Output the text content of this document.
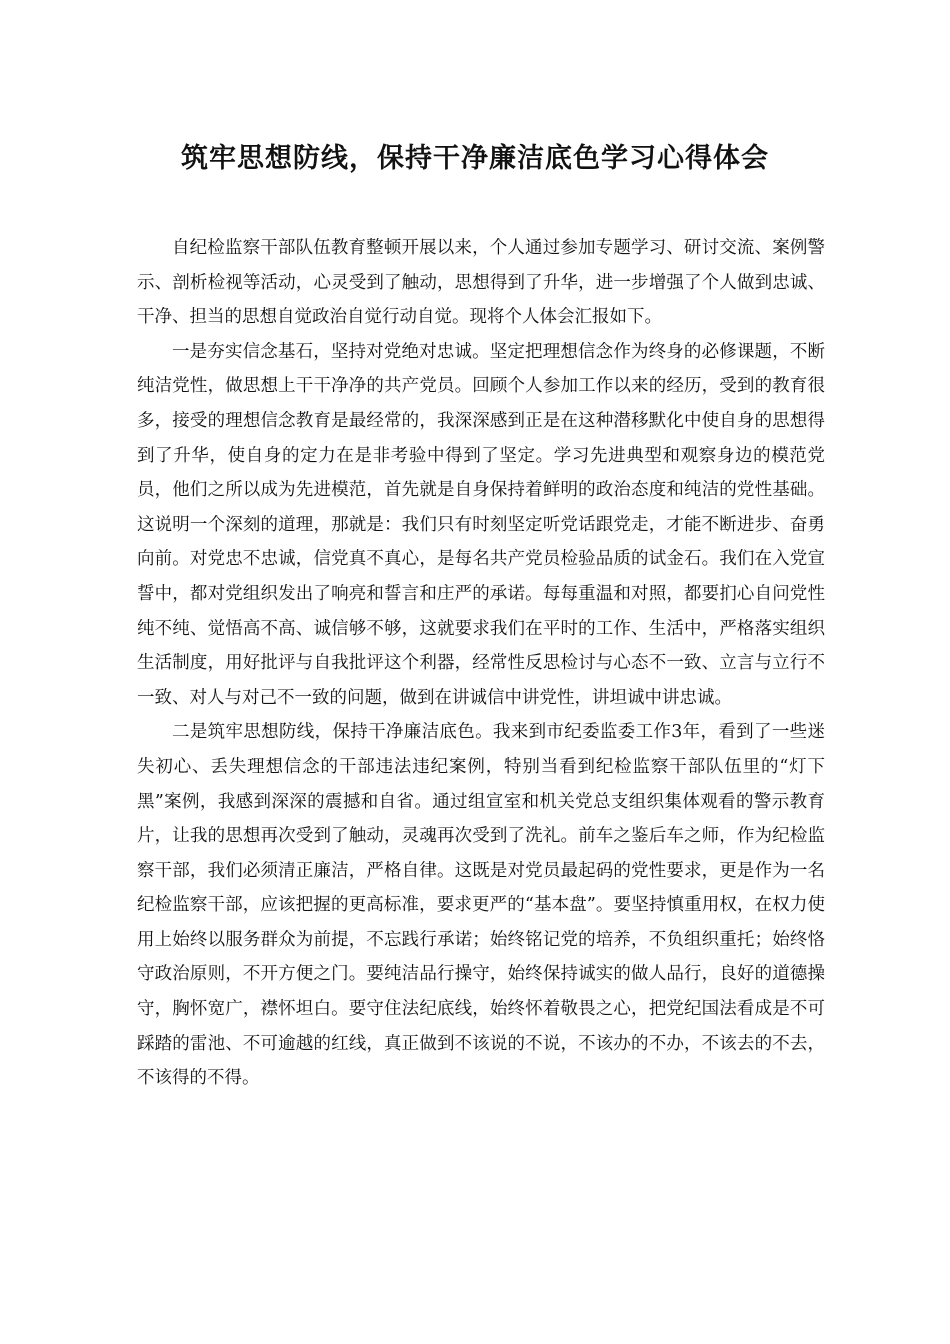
筑牢思想防线，保持干净廉洁底色学习心得体会

自纪检监察干部队伍教育整顿开展以来，个人通过参加专题学习、研讨交流、案例警示、剖析检视等活动，心灵受到了触动，思想得到了升华，进一步增强了个人做到忠诚、干净、担当的思想自觉政治自觉行动自觉。现将个人体会汇报如下。

一是夯实信念基石，坚持对党绝对忠诚。坚定把理想信念作为终身的必修课题，不断纯洁党性，做思想上干干净净的共产党员。回顾个人参加工作以来的经历，受到的教育很多，接受的理想信念教育是最经常的，我深深感到正是在这种潜移默化中使自身的思想得到了升华，使自身的定力在是非考验中得到了坚定。学习先进典型和观察身边的模范党员，他们之所以成为先进模范，首先就是自身保持着鲜明的政治态度和纯洁的党性基础。这说明一个深刻的道理，那就是：我们只有时刻坚定听党话跟党走，才能不断进步、奋勇向前。对党忠不忠诚，信党真不真心，是每名共产党员检验品质的试金石。我们在入党宣誓中，都对党组织发出了响亮和誓言和庄严的承诺。每每重温和对照，都要扪心自问党性纯不纯、觉悟高不高、诚信够不够，这就要求我们在平时的工作、生活中，严格落实组织生活制度，用好批评与自我批评这个利器，经常性反思检讨与心态不一致、立言与立行不一致、对人与对己不一致的问题，做到在讲诚信中讲党性，讲坦诚中讲忠诚。

二是筑牢思想防线，保持干净廉洁底色。我来到市纪委监委工作3年，看到了一些迷失初心、丢失理想信念的干部违法违纪案例，特别当看到纪检监察干部队伍里的“灯下黑”案例，我感到深深的震撼和自省。通过组宣室和机关党总支组织集体观看的警示教育片，让我的思想再次受到了触动，灵魂再次受到了洗礼。前车之鉴后车之师，作为纪检监察干部，我们必须清正廉洁，严格自律。这既是对党员最起码的党性要求，更是作为一名纪检监察干部，应该把握的更高标准，要求更严的“基本盘”。要坚持慎重用权，在权力使用上始终以服务群众为前提，不忘践行承诺；始终铭记党的培养，不负组织重托；始终恪守政治原则，不开方便之门。要纯洁品行操守，始终保持诚实的做人品行，良好的道德操守，胸怀宽广，襟怀坦白。要守住法纪底线，始终怀着敬畏之心，把党纪国法看成是不可踩踏的雷池、不可逾越的红线，真正做到不该说的不说，不该办的不办，不该去的不去，不该得的不得。
